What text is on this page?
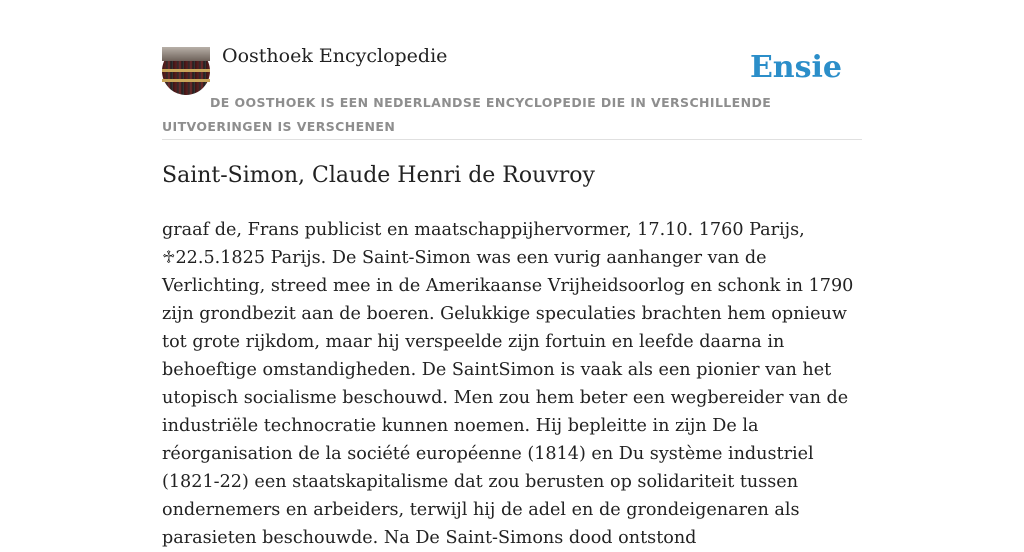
Oosthoek Encyclopedie	Ensie

DE OOSTHOEK IS EEN NEDERLANDSE ENCYCLOPEDIE DIE IN VERSCHILLENDE UITVOERINGEN IS VERSCHENEN

Saint-Simon, Claude Henri de Rouvroy

graaf de, Frans publicist en maatschappijhervormer, 17.10. 1760 Parijs, ♱22.5.1825 Parijs. De Saint-Simon was een vurig aanhanger van de Verlichting, streed mee in de Amerikaanse Vrijheidsoorlog en schonk in 1790 zijn grondbezit aan de boeren. Gelukkige speculaties brachten hem opnieuw tot grote rijkdom, maar hij verspeelde zijn fortuin en leefde daarna in behoeftige omstandigheden. De SaintSimon is vaak als een pionier van het utopisch socialisme beschouwd. Men zou hem beter een wegbereider van de industriële technocratie kunnen noemen. Hij bepleitte in zijn De la réorganisation de la société européenne (1814) en Du système industriel (1821-22) een staatskapitalisme dat zou berusten op solidariteit tussen ondernemers en arbeiders, terwijl hij de adel en de grondeigenaren als parasieten beschouwde. Na De Saint-Simons dood ontstond
